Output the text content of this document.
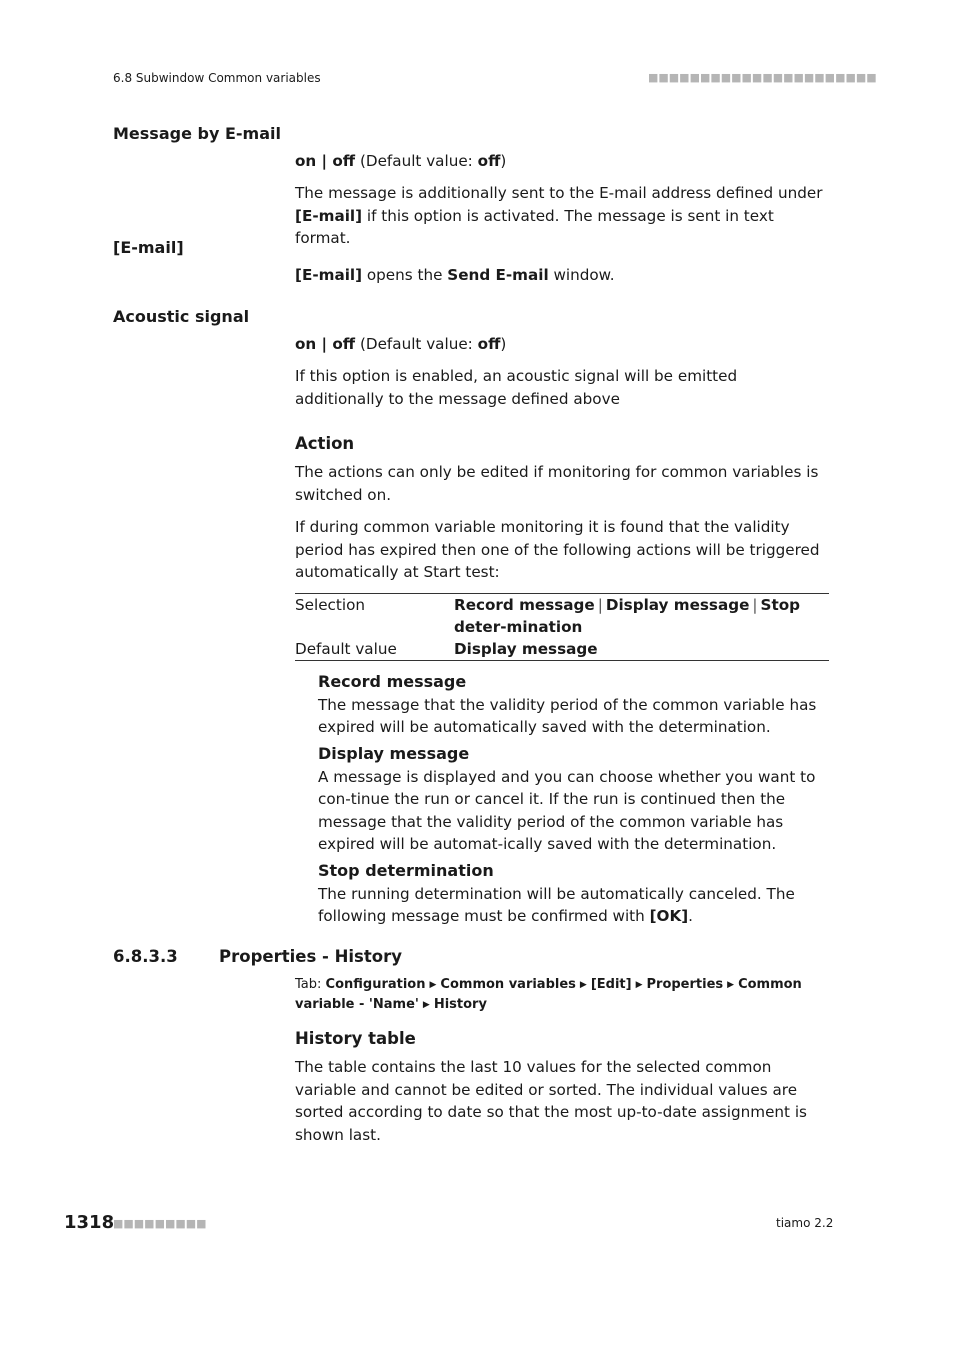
6.8 Subwindow Common variables	■■■■■■■■■■■■■■■■■■■■■■
Message by E-mail
on | off (Default value: off)
The message is additionally sent to the E-mail address defined under [E-mail] if this option is activated. The message is sent in text format.
[E-mail]
[E-mail] opens the Send E-mail window.
Acoustic signal
on | off (Default value: off)
If this option is enabled, an acoustic signal will be emitted additionally to the message defined above
Action
The actions can only be edited if monitoring for common variables is switched on.
If during common variable monitoring it is found that the validity period has expired then one of the following actions will be triggered automatically at Start test:
Selection	Record message | Display message | Stop deter-mination
Default value	Display message
Record message
The message that the validity period of the common variable has expired will be automatically saved with the determination.
Display message
A message is displayed and you can choose whether you want to con-tinue the run or cancel it. If the run is continued then the message that the validity period of the common variable has expired will be automat-ically saved with the determination.
Stop determination
The running determination will be automatically canceled. The following message must be confirmed with [OK].
6.8.3.3	Properties - History
Tab: Configuration ▶ Common variables ▶ [Edit] ▶ Properties ▶ Common variable - 'Name' ▶ History
History table
The table contains the last 10 values for the selected common variable and cannot be edited or sorted. The individual values are sorted according to date so that the most up-to-date assignment is shown last.
1318
■■■■■■■■■	tiamo 2.2
